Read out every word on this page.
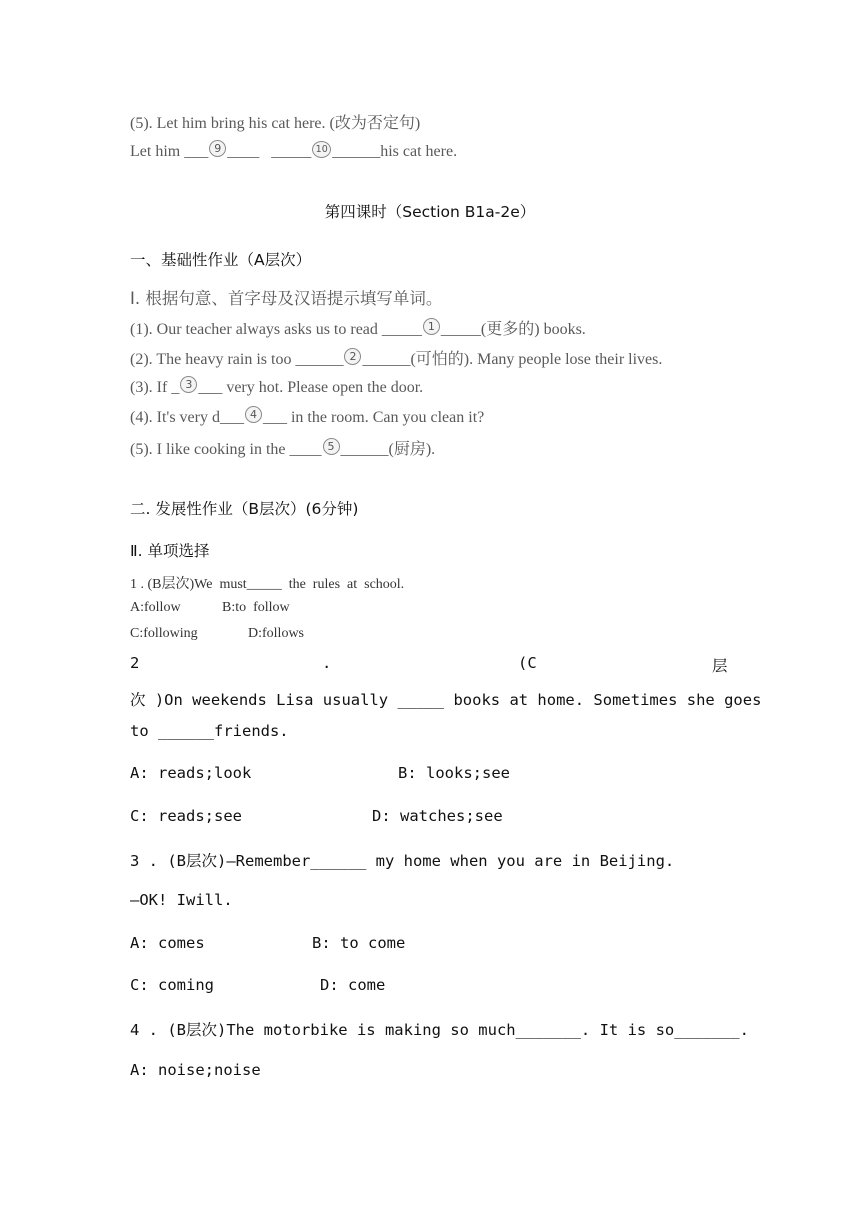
(5). Let him bring his cat here. (改为否定句)
Let him ___ 9 ____   _____ 10 ______his cat here.
第四课时（Section B1a-2e）
一、基础性作业（A层次）
I. 根据句意、首字母及汉语提示填写单词。
(1). Our teacher always asks us to read _____ 1 _____(更多的) books.
(2). The heavy rain is too ______ 2 ______(可怕的). Many people lose their lives.
(3). If _ 3 ___ very hot. Please open the door.
(4). It's very d___ 4 ___ in the room. Can you clean it?
(5). I like cooking in the ____ 5 ______(厨房).
二. 发展性作业（B层次）(6分钟)
Ⅱ. 单项选择
1 . (B层次)We  must_____  the  rules  at  school.
A:follow	B:to  follow
C:following	D:follows
2	.	(C	层
次 )On weekends Lisa usually _____ books at home. Sometimes she goes
to ______friends.
A: reads;look	B: looks;see
C: reads;see	D: watches;see
3 . (B层次)—Remember______ my home when you are in Beijing.
—OK! Iwill.
A: comes	B: to come
C: coming	D: come
4 . (B层次)The motorbike is making so much_______. It is so_______.
A: noise;noise
